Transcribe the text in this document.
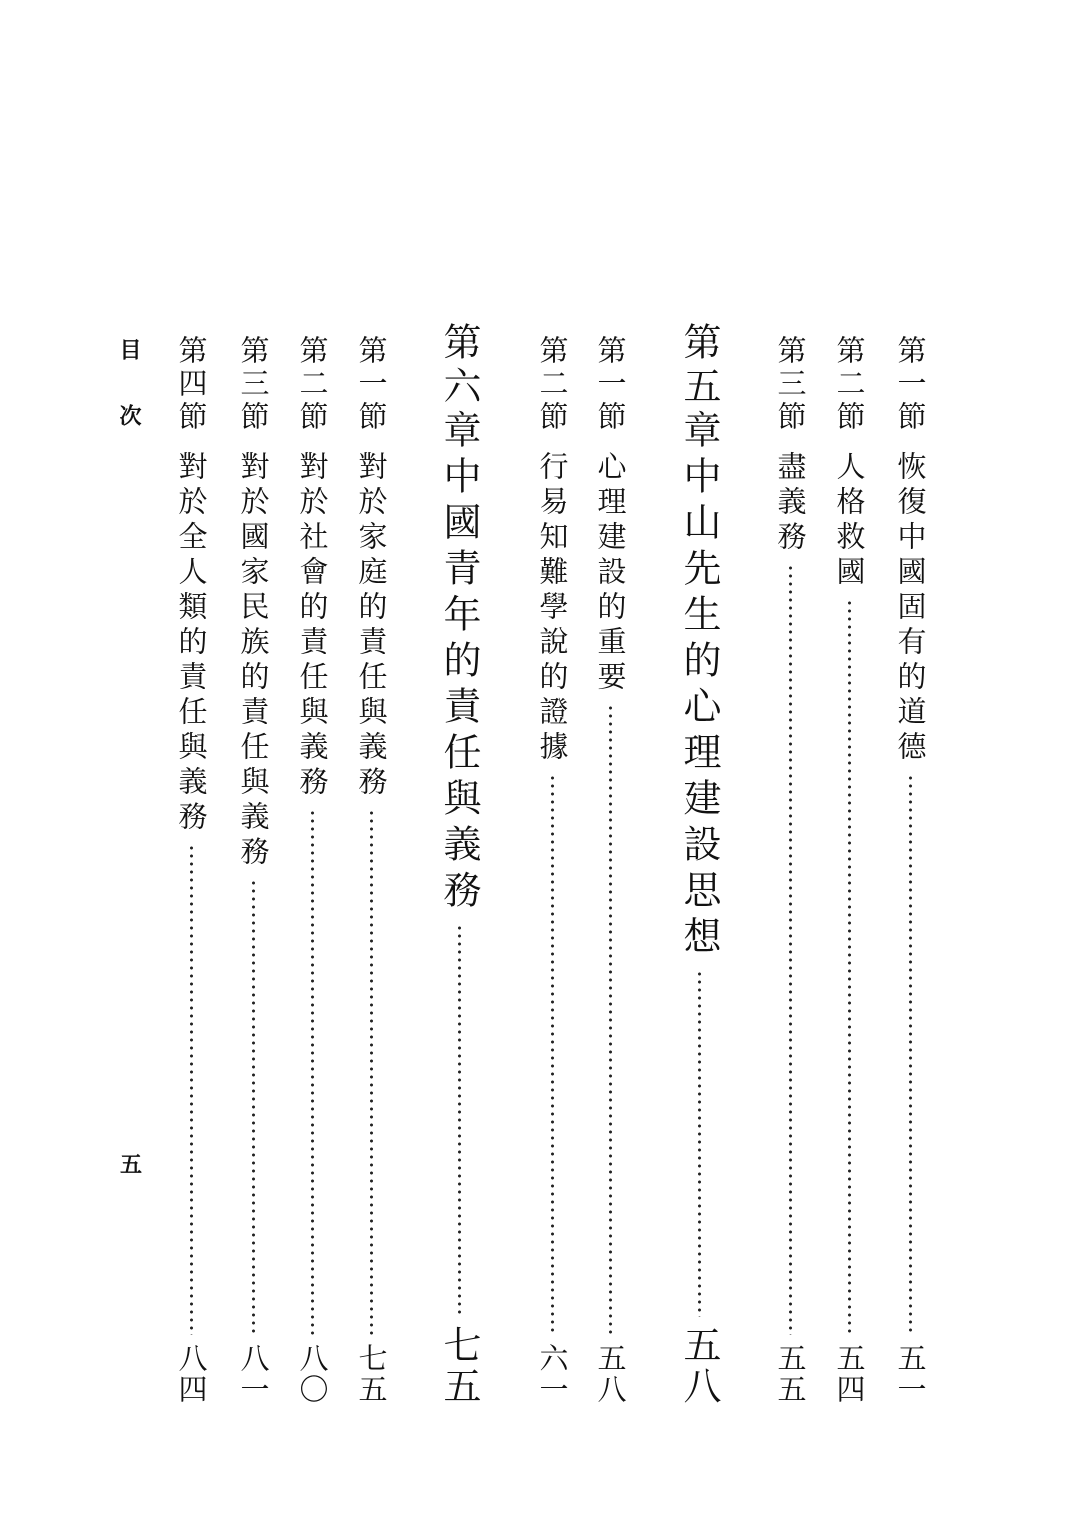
第一節
恢復中國固有的道德
五一
第二節
人格救國
五四
第三節
盡義務
五五
第五章
中山先生的心理建設思想
五八
第一節
心理建設的重要
五八
第二節
行易知難學說的證據
六一
第六章
中國青年的責任與義務
七五
第一節
對於家庭的責任與義務
七五
第二節
對於社會的責任與義務
八〇
第三節
對於國家民族的責任與義務
八一
第四節
對於全人類的責任與義務
八四
目次
五
